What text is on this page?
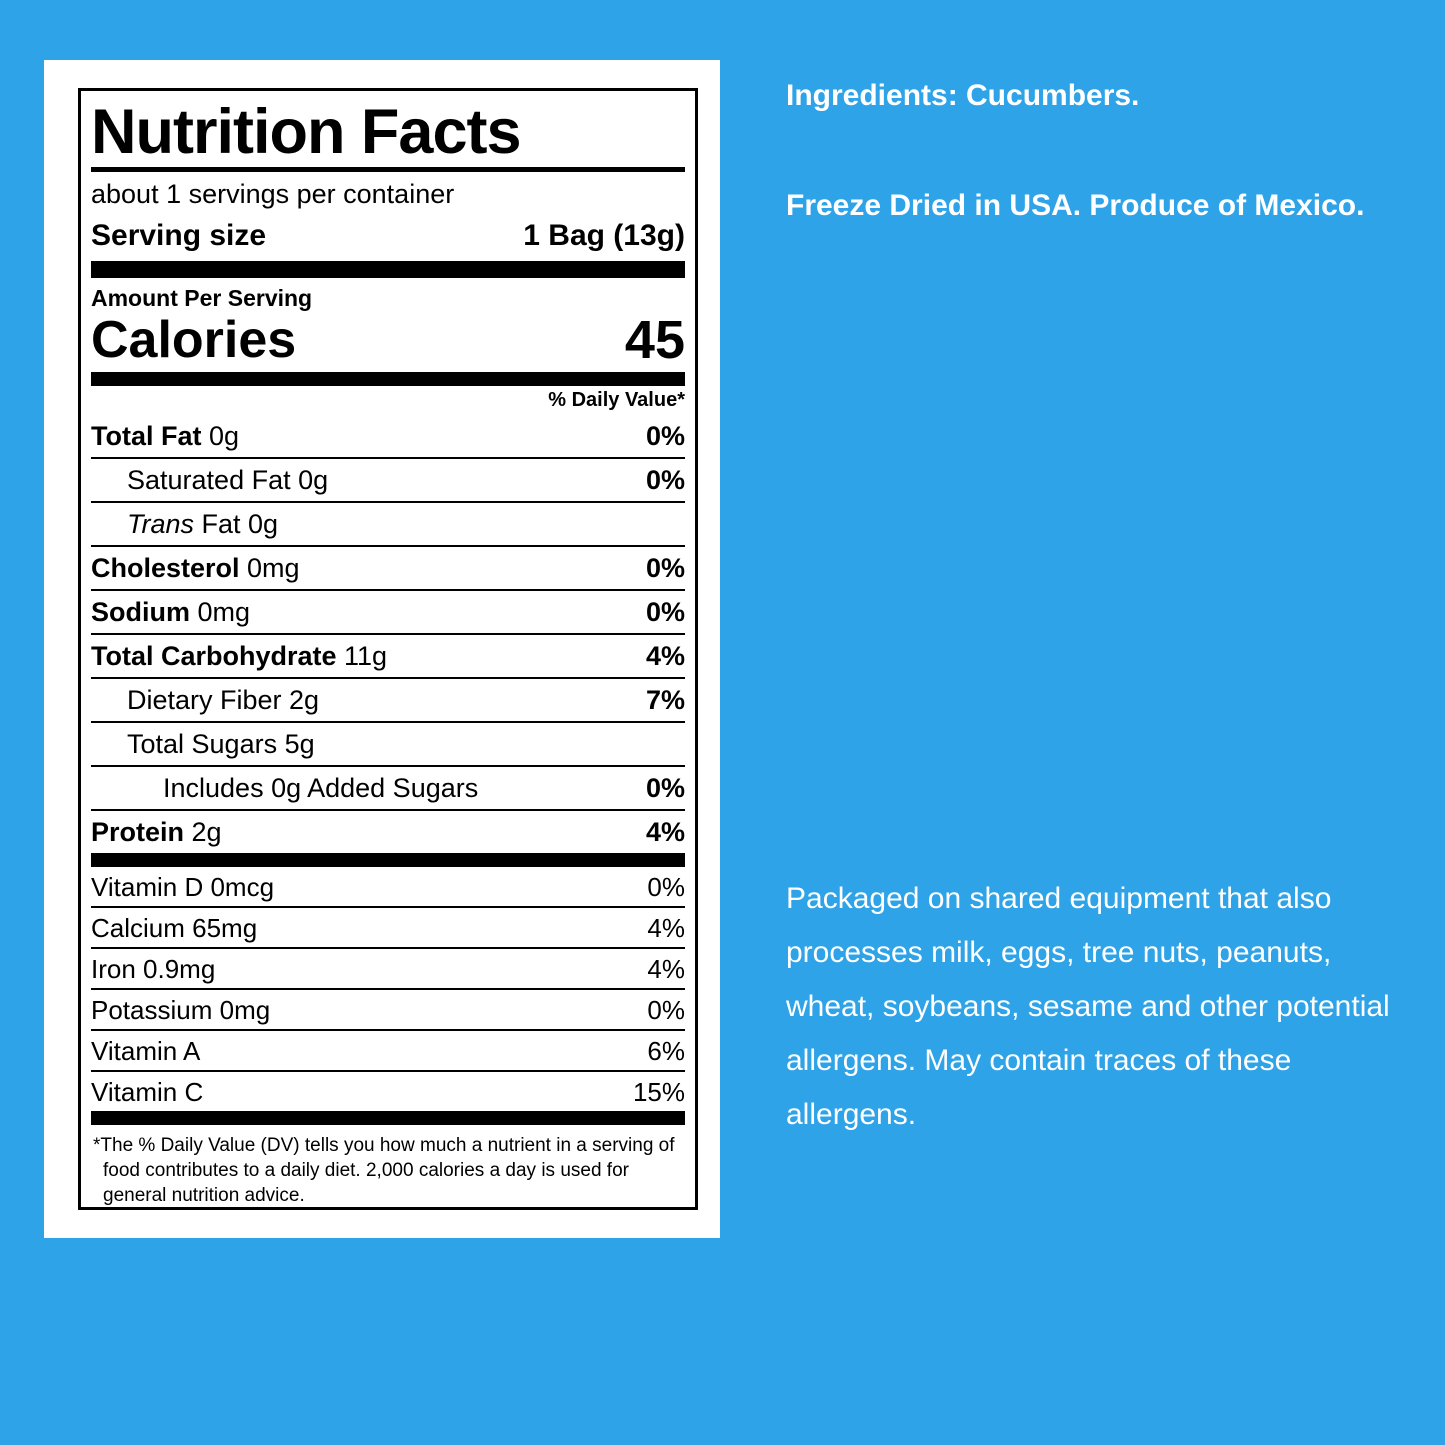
Nutrition Facts
about 1 servings per container
Serving size	1 Bag (13g)
Amount Per Serving
Calories	45
% Daily Value*
Total Fat 0g	0%
Saturated Fat 0g	0%
Trans Fat 0g
Cholesterol 0mg	0%
Sodium 0mg	0%
Total Carbohydrate 11g	4%
Dietary Fiber 2g	7%
Total Sugars 5g
Includes 0g Added Sugars	0%
Protein 2g	4%
Vitamin D 0mcg	0%
Calcium 65mg	4%
Iron 0.9mg	4%
Potassium 0mg	0%
Vitamin A	6%
Vitamin C	15%
*The % Daily Value (DV) tells you how much a nutrient in a serving of food contributes to a daily diet. 2,000 calories a day is used for general nutrition advice.
Ingredients: Cucumbers.
Freeze Dried in USA. Produce of Mexico.
Packaged on shared equipment that also processes milk, eggs, tree nuts, peanuts, wheat, soybeans, sesame and other potential allergens. May contain traces of these allergens.
